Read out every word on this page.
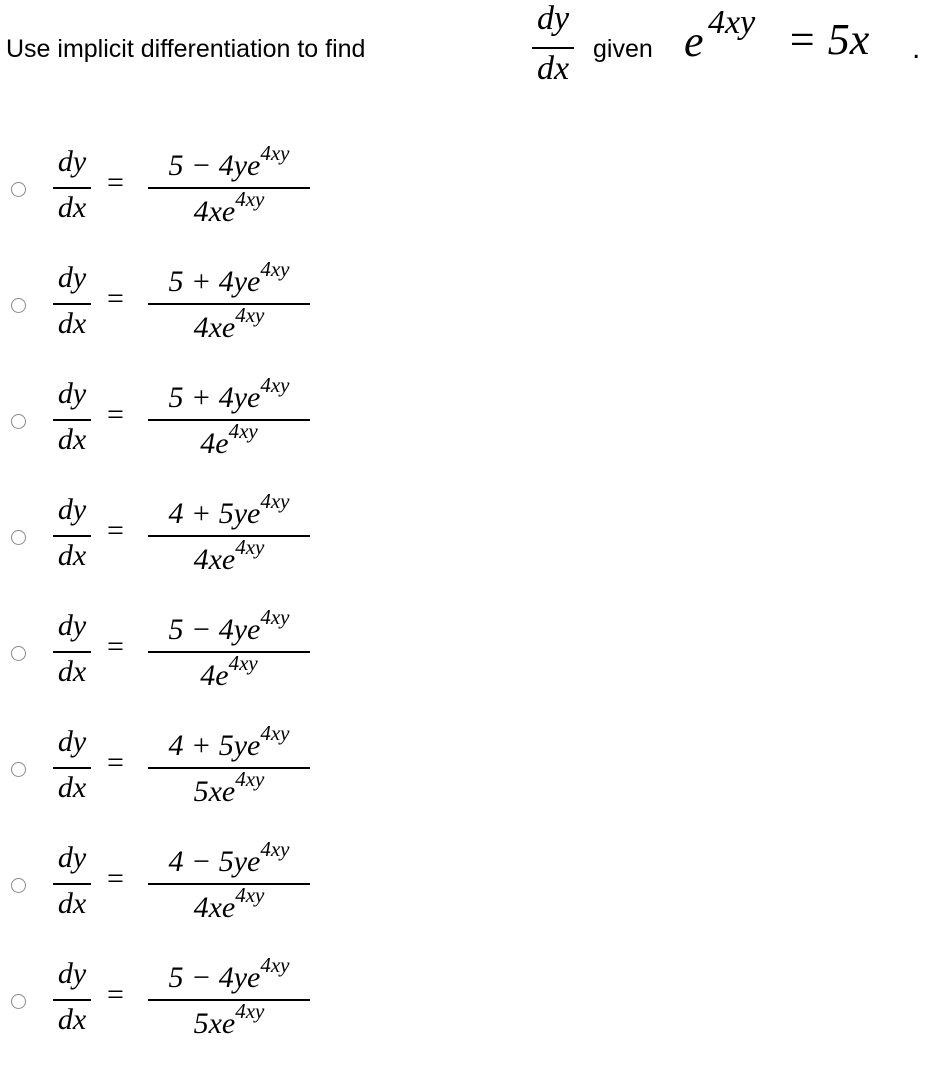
Use implicit differentiation to find
dy
dx
given e 4xy = 5x .
dy
dx
=
$5 - 4ye^{4xy}$
$4xe^{4xy}$
dy
dx
=
$5 + 4ye^{4xy}$
$4xe^{4xy}$
dy
dx
=
$5 + 4ye^{4xy}$
$4e^{4xy}$
dy
dx
=
$4 + 5ye^{4xy}$
$4xe^{4xy}$
dy
dx
=
$5 - 4ye^{4xy}$
$4e^{4xy}$
dy
dx
=
$4 + 5ye^{4xy}$
$5xe^{4xy}$
dy
dx
=
$4 - 5ye^{4xy}$
$4xe^{4xy}$
dy
dx
=
$5 - 4ye^{4xy}$
$5xe^{4xy}$
